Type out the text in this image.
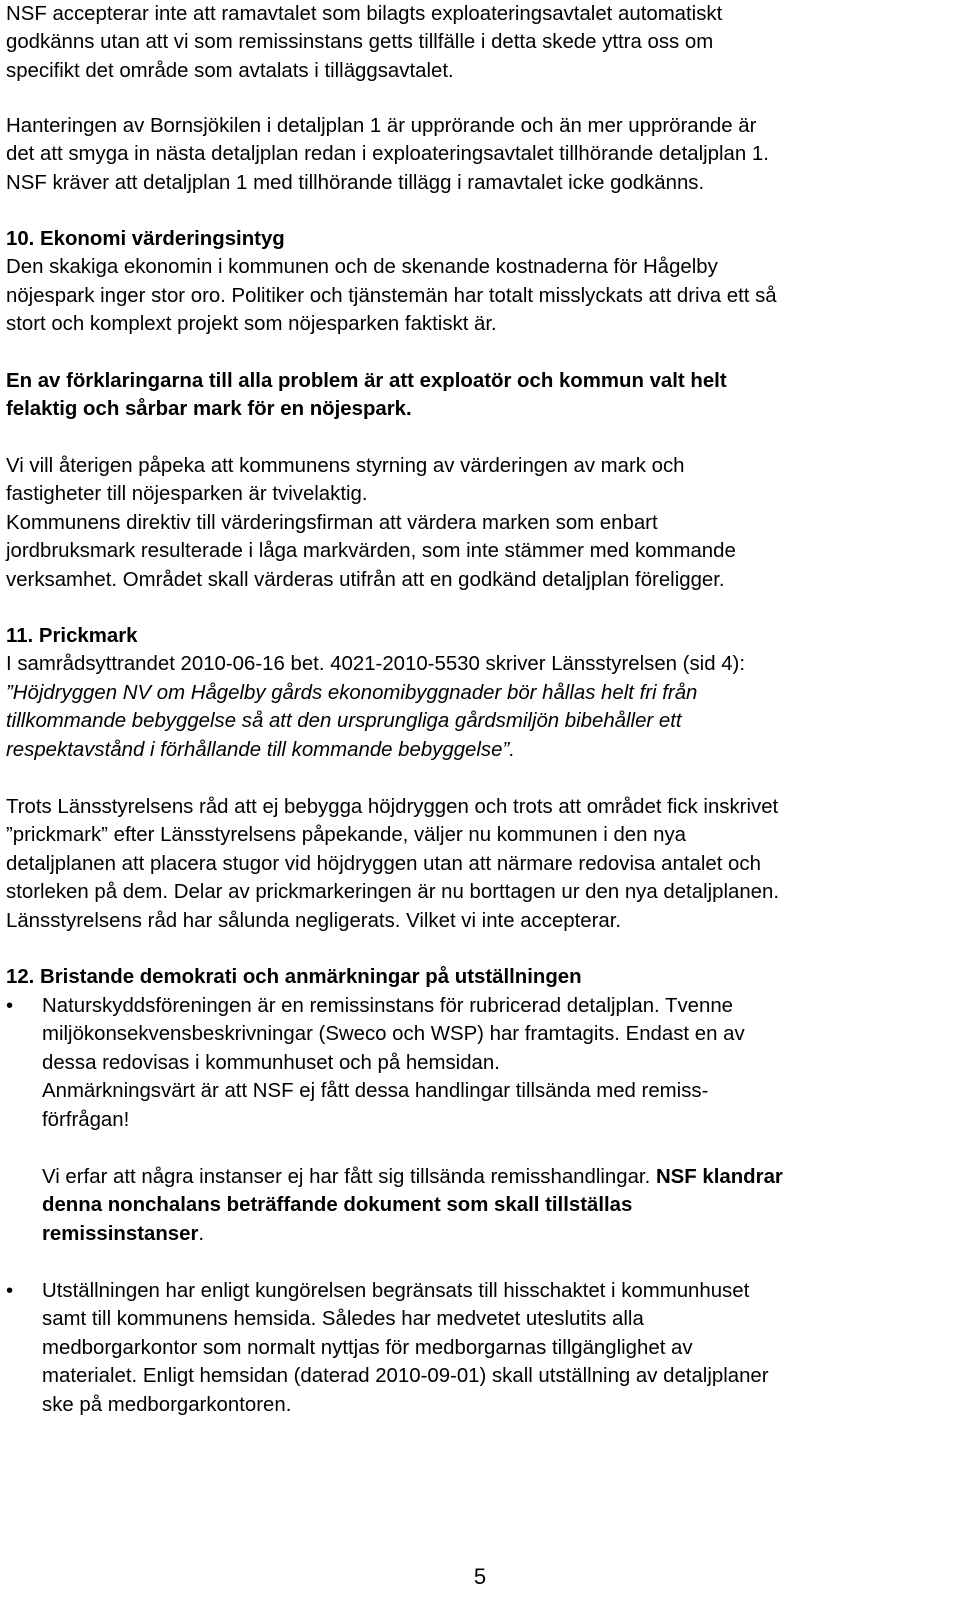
NSF accepterar inte att ramavtalet som bilagts exploateringsavtalet automatiskt
godkänns utan att vi som remissinstans getts tillfälle i detta skede yttra oss om
specifikt det område som avtalats i tilläggsavtalet.
Hanteringen av Bornsjökilen i detaljplan 1 är upprörande och än mer upprörande är
det att smyga in nästa detaljplan redan i exploateringsavtalet tillhörande detaljplan 1.
NSF kräver att detaljplan 1 med tillhörande tillägg i ramavtalet icke godkänns.
10. Ekonomi värderingsintyg
Den skakiga ekonomin i kommunen och de skenande kostnaderna för Hågelby
nöjespark inger stor oro. Politiker och tjänstemän har totalt misslyckats att driva ett så
stort och komplext projekt som nöjesparken faktiskt är.
En av förklaringarna till alla problem är att exploatör och kommun valt helt
felaktig och sårbar mark för en nöjespark.
Vi vill återigen påpeka att kommunens styrning av värderingen av mark och
fastigheter till nöjesparken är tvivelaktig.
Kommunens direktiv till värderingsfirman att värdera marken som enbart
jordbruksmark resulterade i låga markvärden, som inte stämmer med kommande
verksamhet. Området skall värderas utifrån att en godkänd detaljplan föreligger.
11. Prickmark
I samrådsyttrandet 2010-06-16 bet. 4021-2010-5530 skriver Länsstyrelsen (sid 4):
”Höjdryggen NV om Hågelby gårds ekonomibyggnader bör hållas helt fri från
tillkommande bebyggelse så att den ursprungliga gårdsmiljön bibehåller ett
respektavstånd i förhållande till kommande bebyggelse”.
Trots Länsstyrelsens råd att ej bebygga höjdryggen och trots att området fick inskrivet
”prickmark” efter Länsstyrelsens påpekande, väljer nu kommunen i den nya
detaljplanen att placera stugor vid höjdryggen utan att närmare redovisa antalet och
storleken på dem. Delar av prickmarkeringen är nu borttagen ur den nya detaljplanen.
Länsstyrelsens råd har sålunda negligerats. Vilket vi inte accepterar.
12. Bristande demokrati och anmärkningar på utställningen
• Naturskyddsföreningen är en remissinstans för rubricerad detaljplan. Tvenne
miljökonsekvensbeskrivningar (Sweco och WSP) har framtagits. Endast en av
dessa redovisas i kommunhuset och på hemsidan.
Anmärkningsvärt är att NSF ej fått dessa handlingar tillsända med remiss-
förfrågan!
Vi erfar att några instanser ej har fått sig tillsända remisshandlingar. NSF klandrar
denna nonchalans beträffande dokument som skall tillställas
remissinstanser.
• Utställningen har enligt kungörelsen begränsats till hisschaktet i kommunhuset
samt till kommunens hemsida. Således har medvetet uteslutits alla
medborgarkontor som normalt nyttjas för medborgarnas tillgänglighet av
materialet. Enligt hemsidan (daterad 2010-09-01) skall utställning av detaljplaner
ske på medborgarkontoren.
5
